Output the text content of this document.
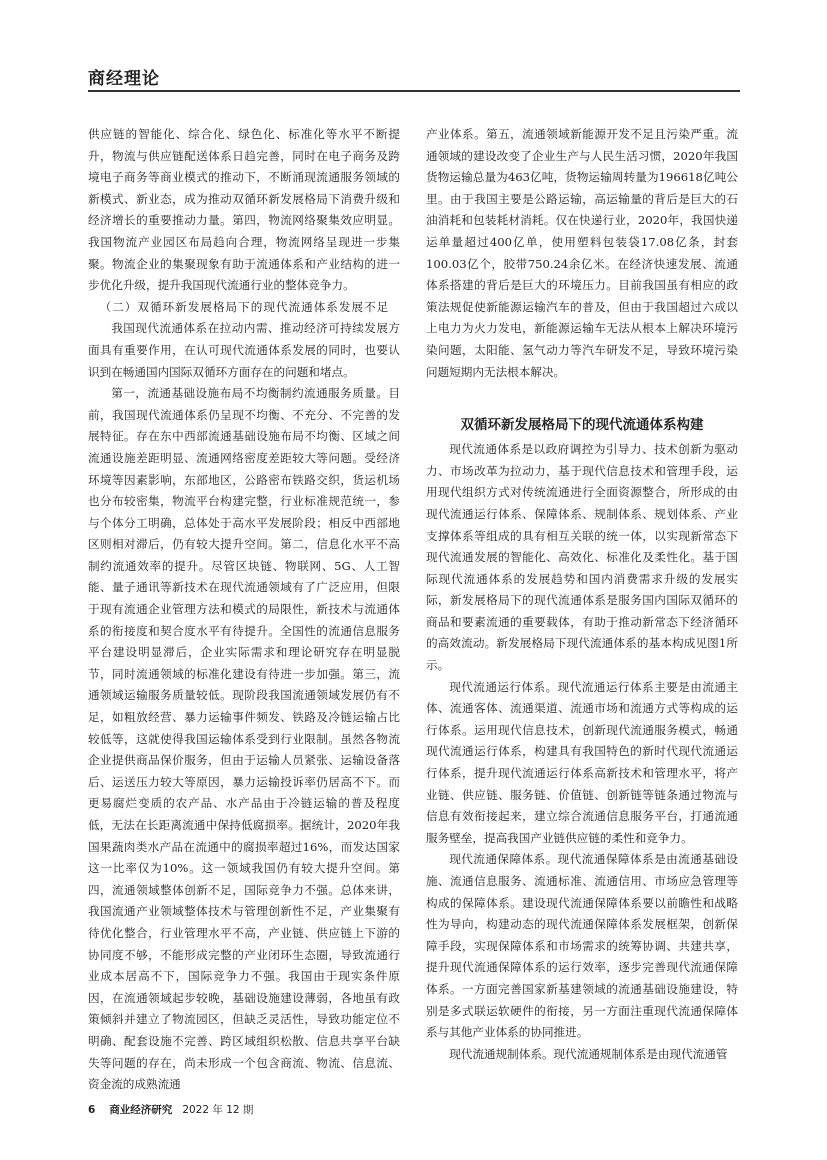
商经理论

供应链的智能化、综合化、绿色化、标准化等水平不断提升，物流与供应链配送体系日趋完善，同时在电子商务及跨境电子商务等商业模式的推动下，不断涌现流通服务领域的新模式、新业态，成为推动双循环新发展格局下消费升级和经济增长的重要推动力量。第四，物流网络聚集效应明显。我国物流产业园区布局趋向合理，物流网络呈现进一步集聚。物流企业的集聚现象有助于流通体系和产业结构的进一步优化升级，提升我国现代流通行业的整体竞争力。

（二）双循环新发展格局下的现代流通体系发展不足

我国现代流通体系在拉动内需、推动经济可持续发展方面具有重要作用，在认可现代流通体系发展的同时，也要认识到在畅通国内国际双循环方面存在的问题和堵点。

第一，流通基础设施布局不均衡制约流通服务质量。目前，我国现代流通体系仍呈现不均衡、不充分、不完善的发展特征。存在东中西部流通基础设施布局不均衡、区域之间流通设施差距明显、流通网络密度差距较大等问题。受经济环境等因素影响，东部地区，公路密布铁路交织，货运机场也分布较密集，物流平台构建完整，行业标准规范统一，参与个体分工明确，总体处于高水平发展阶段；相反中西部地区则相对滞后，仍有较大提升空间。第二，信息化水平不高制约流通效率的提升。尽管区块链、物联网、5G、人工智能、量子通讯等新技术在现代流通领域有了广泛应用，但限于现有流通企业管理方法和模式的局限性，新技术与流通体系的衔接度和契合度水平有待提升。全国性的流通信息服务平台建设明显滞后，企业实际需求和理论研究存在明显脱节，同时流通领域的标准化建设有待进一步加强。第三，流通领域运输服务质量较低。现阶段我国流通领域发展仍有不足，如粗放经营、暴力运输事件频发、铁路及冷链运输占比较低等，这就使得我国运输体系受到行业限制。虽然各物流企业提供商品保价服务，但由于运输人员紧张、运输设备落后、运送压力较大等原因，暴力运输投诉率仍居高不下。而更易腐烂变质的农产品、水产品由于冷链运输的普及程度低，无法在长距离流通中保持低腐损率。据统计，2020年我国果蔬肉类水产品在流通中的腐损率超过16%，而发达国家这一比率仅为10%。这一领域我国仍有较大提升空间。第四，流通领域整体创新不足，国际竞争力不强。总体来讲，我国流通产业领域整体技术与管理创新性不足，产业集聚有待优化整合，行业管理水平不高，产业链、供应链上下游的协同度不够，不能形成完整的产业闭环生态圈，导致流通行业成本居高不下，国际竞争力不强。我国由于现实条件原因，在流通领域起步较晚，基础设施建设薄弱，各地虽有政策倾斜并建立了物流园区，但缺乏灵活性，导致功能定位不明确、配套设施不完善、跨区域组织松散、信息共享平台缺失等问题的存在，尚未形成一个包含商流、物流、信息流、资金流的成熟流通

产业体系。第五，流通领域新能源开发不足且污染严重。流通领域的建设改变了企业生产与人民生活习惯，2020年我国货物运输总量为463亿吨，货物运输周转量为196618亿吨公里。由于我国主要是公路运输，高运输量的背后是巨大的石油消耗和包装耗材消耗。仅在快递行业，2020年，我国快递运单量超过400亿单，使用塑料包装袋17.08亿条，封套100.03亿个，胶带750.24余亿米。在经济快速发展、流通体系搭建的背后是巨大的环境压力。目前我国虽有相应的政策法规促使新能源运输汽车的普及，但由于我国超过六成以上电力为火力发电，新能源运输车无法从根本上解决环境污染问题，太阳能、氢气动力等汽车研发不足，导致环境污染问题短期内无法根本解决。

双循环新发展格局下的现代流通体系构建

现代流通体系是以政府调控为引导力、技术创新为驱动力、市场改革为拉动力，基于现代信息技术和管理手段，运用现代组织方式对传统流通进行全面资源整合，所形成的由现代流通运行体系、保障体系、规制体系、规划体系、产业支撑体系等组成的具有相互关联的统一体，以实现新常态下现代流通发展的智能化、高效化、标准化及柔性化。基于国际现代流通体系的发展趋势和国内消费需求升级的发展实际，新发展格局下的现代流通体系是服务国内国际双循环的商品和要素流通的重要载体，有助于推动新常态下经济循环的高效流动。新发展格局下现代流通体系的基本构成见图1所示。

现代流通运行体系。现代流通运行体系主要是由流通主体、流通客体、流通渠道、流通市场和流通方式等构成的运行体系。运用现代信息技术，创新现代流通服务模式，畅通现代流通运行体系，构建具有我国特色的新时代现代流通运行体系，提升现代流通运行体系高新技术和管理水平，将产业链、供应链、服务链、价值链、创新链等链条通过物流与信息有效衔接起来，建立综合流通信息服务平台，打通流通服务壁垒，提高我国产业链供应链的柔性和竞争力。

现代流通保障体系。现代流通保障体系是由流通基础设施、流通信息服务、流通标准、流通信用、市场应急管理等构成的保障体系。建设现代流通保障体系要以前瞻性和战略性为导向，构建动态的现代流通保障体系发展框架，创新保障手段，实现保障体系和市场需求的统筹协调、共建共享，提升现代流通保障体系的运行效率，逐步完善现代流通保障体系。一方面完善国家新基建领域的流通基础设施建设，特别是多式联运软硬件的衔接，另一方面注重现代流通保障体系与其他产业体系的协同推进。

现代流通规制体系。现代流通规制体系是由现代流通管

6 商业经济研究 2022 年 12 期
